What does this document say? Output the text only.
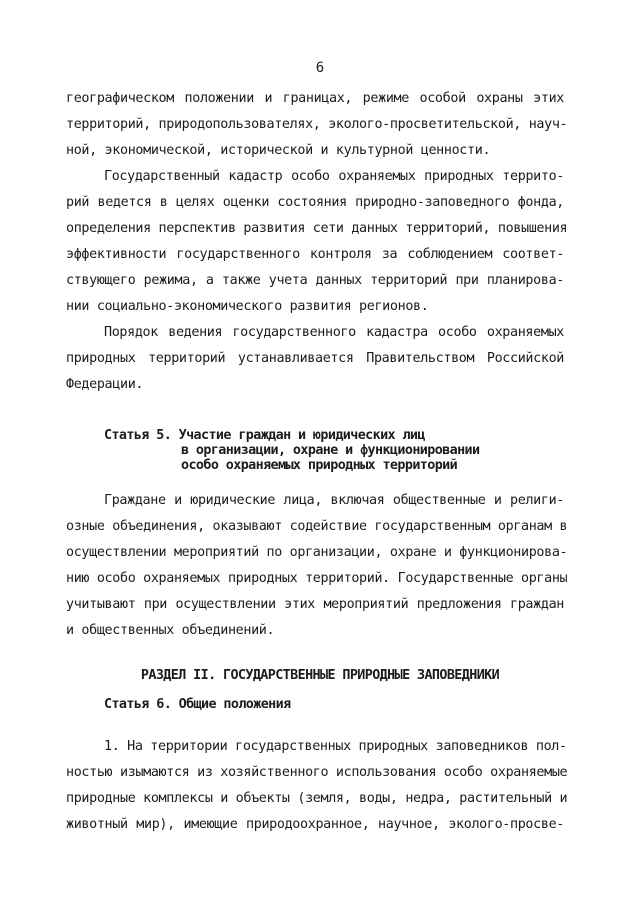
6
географическом положении и границах, режиме особой охраны этих
территорий, природопользователях, эколого-просветительской, науч-
ной, экономической, исторической и культурной ценности.
Государственный кадастр особо охраняемых природных террито-
рий ведется в целях оценки состояния природно-заповедного фонда,
определения перспектив развития сети данных территорий, повышения
эффективности государственного контроля за соблюдением соответ-
ствующего режима, а также учета данных территорий при планирова-
нии социально-экономического развития регионов.
Порядок ведения государственного кадастра особо охраняемых
природных территорий устанавливается Правительством Российской
Федерации.
Статья 5. Участие граждан и юридических лиц
в организации, охране и функционировании
особо охраняемых природных территорий
Граждане и юридические лица, включая общественные и религи-
озные объединения, оказывают содействие государственным органам в
осуществлении мероприятий по организации, охране и функционирова-
нию особо охраняемых природных территорий. Государственные органы
учитывают при осуществлении этих мероприятий предложения граждан
и общественных объединений.
РАЗДЕЛ II. ГОСУДАРСТВЕННЫЕ ПРИРОДНЫЕ ЗАПОВЕДНИКИ
Статья 6. Общие положения
1. На территории государственных природных заповедников пол-
ностью изымаются из хозяйственного использования особо охраняемые
природные комплексы и объекты (земля, воды, недра, растительный и
животный мир), имеющие природоохранное, научное, эколого-просве-
